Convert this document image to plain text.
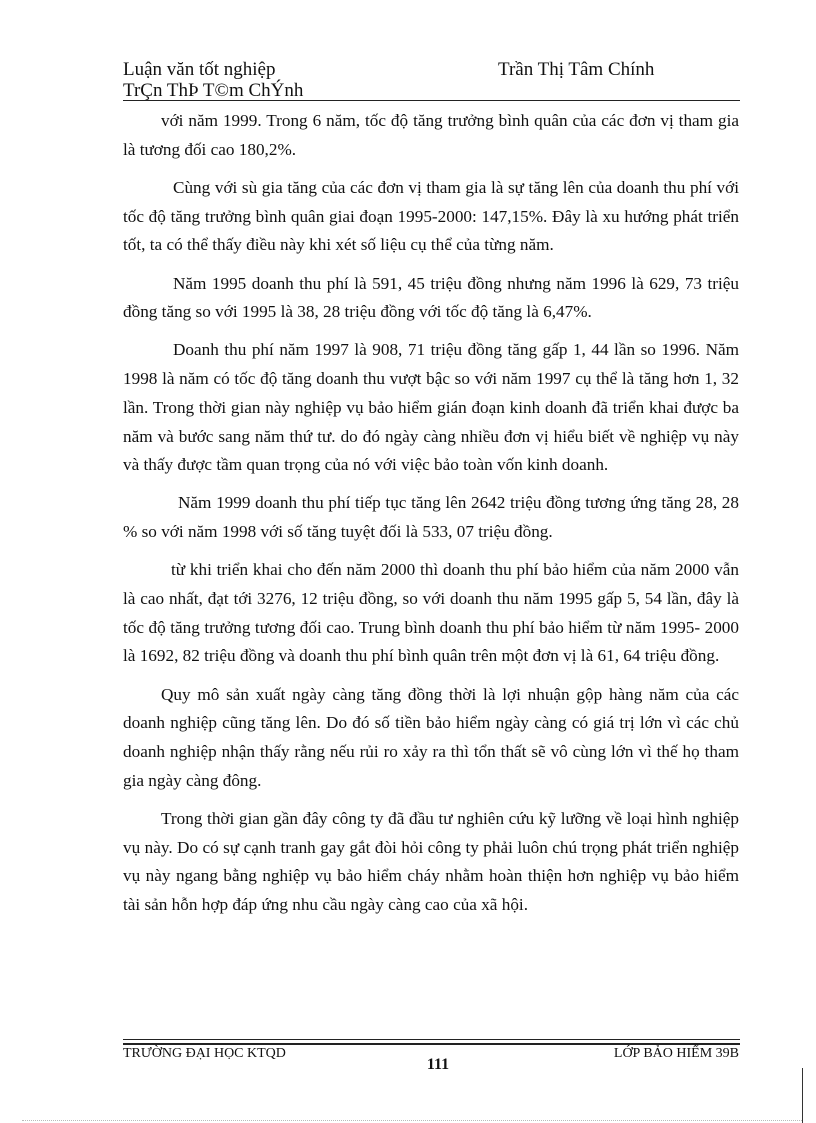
Luận văn tốt nghiệp	Trần Thị Tâm Chính
TrÇn ThÞ T©m ChÝnh

với năm 1999. Trong 6 năm, tốc độ tăng trưởng bình quân của các đơn vị tham gia là tương đối cao 180,2%.

Cùng với sù gia tăng của các đơn vị tham gia là sự tăng lên của doanh thu phí với tốc độ tăng trưởng bình quân giai đoạn 1995-2000: 147,15%. Đây là xu hướng phát triển tốt, ta có thể thấy điều này khi xét số liệu cụ thể của từng năm.

Năm 1995 doanh thu phí là 591, 45 triệu đồng nhưng năm 1996 là 629, 73 triệu đồng tăng so với 1995 là 38, 28 triệu đồng với tốc độ tăng là 6,47%.

Doanh thu phí năm 1997 là 908, 71 triệu đồng tăng gấp 1, 44 lần so 1996. Năm 1998 là năm có tốc độ tăng doanh thu vượt bậc so với năm 1997 cụ thể là tăng hơn 1, 32 lần. Trong thời gian này nghiệp vụ bảo hiểm gián đoạn kinh doanh đã triển khai được ba năm và bước sang năm thứ tư. do đó ngày càng nhiều đơn vị hiểu biết về nghiệp vụ này và thấy được tầm quan trọng của nó với việc bảo toàn vốn kinh doanh.

Năm 1999 doanh thu phí tiếp tục tăng lên 2642 triệu đồng tương ứng tăng 28, 28 % so với năm 1998 với số tăng tuyệt đối là 533, 07 triệu đồng.

từ khi triển khai cho đến năm 2000 thì doanh thu phí bảo hiểm của năm 2000 vẫn là cao nhất, đạt tới 3276, 12 triệu đồng, so với doanh thu năm 1995 gấp 5, 54 lần, đây là tốc độ tăng trưởng tương đối cao. Trung bình doanh thu phí bảo hiểm từ năm 1995- 2000 là 1692, 82 triệu đồng và doanh thu phí bình quân trên một đơn vị là 61, 64 triệu đồng.

Quy mô sản xuất ngày càng tăng đồng thời là lợi nhuận gộp hàng năm của các doanh nghiệp cũng tăng lên. Do đó số tiền bảo hiểm ngày càng có giá trị lớn vì các chủ doanh nghiệp nhận thấy rằng nếu rủi ro xảy ra thì tổn thất sẽ vô cùng lớn vì thế họ tham gia ngày càng đông.

Trong thời gian gần đây công ty đã đầu tư nghiên cứu kỹ lưỡng về loại hình nghiệp vụ này. Do có sự cạnh tranh gay gắt đòi hỏi công ty phải luôn chú trọng phát triển nghiệp vụ này ngang bằng nghiệp vụ bảo hiểm cháy nhằm hoàn thiện hơn nghiệp vụ bảo hiểm tài sản hỗn hợp đáp ứng nhu cầu ngày càng cao của xã hội.

TRƯỜNG ĐẠI HỌC KTQD	LỚP BẢO HIỂM 39B
111
